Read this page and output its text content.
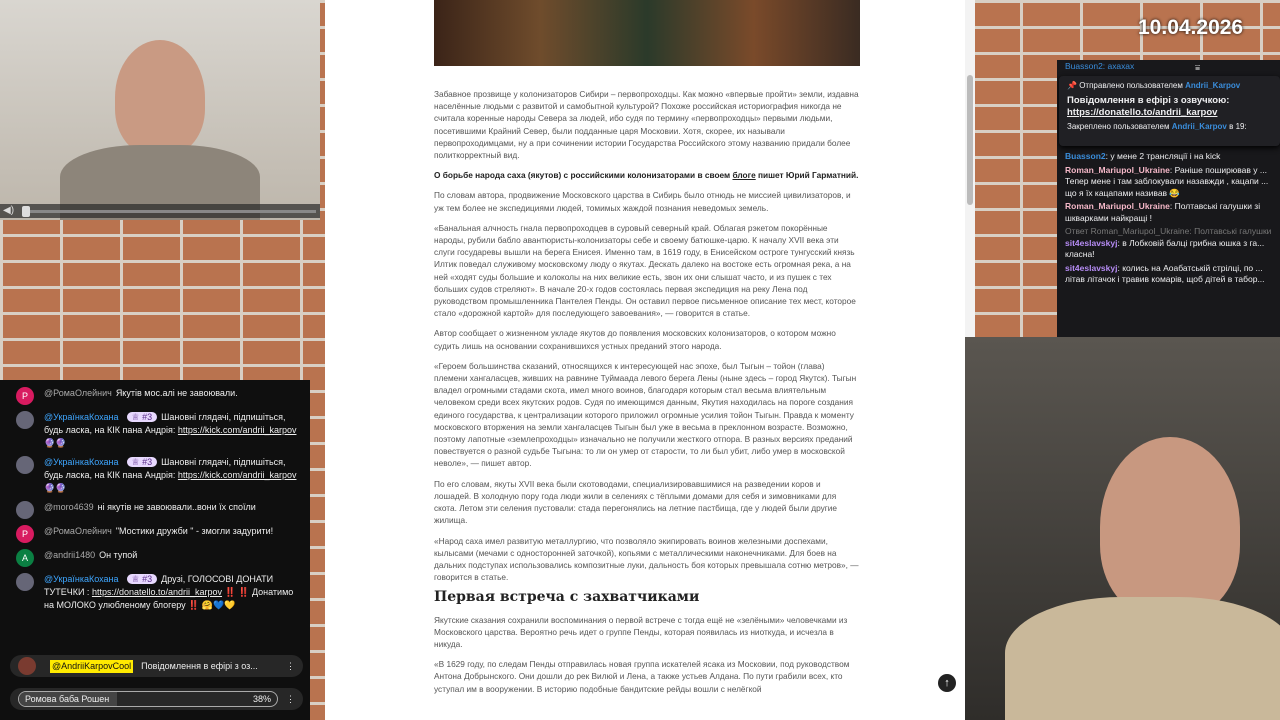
◀)
10.04.2026

Забавное прозвище у колонизаторов Сибири – первопроходцы. Как можно «впервые пройти» земли, издавна населённые людьми с развитой и самобытной культурой? Похоже российская историография никогда не считала коренные народы Севера за людей, ибо судя по термину «первопроходцы» первыми людьми, посетившими Крайний Север, были подданные царя Московии. Хотя, скорее, их называли первопроходимцами, ну а при сочинении истории Государства Российского этому названию придали более политкорректный вид.

О борьбе народа саха (якутов) с российскими колонизаторами в своем блоге пишет Юрий Гарматний.

По словам автора, продвижение Московского царства в Сибирь было отнюдь не миссией цивилизаторов, и уж тем более не экспедициями людей, томимых жаждой познания неведомых земель.

«Банальная алчность гнала первопроходцев в суровый северный край. Облагая рэкетом покорённые народы, рубили бабло авантюристы-колонизаторы себе и своему батюшке-царю. К началу XVII века эти слуги государевы вышли на берега Енисея. Именно там, в 1619 году, в Енисейском остроге тунгусский князь Илтик поведал служивому московскому люду о якутах. Дескать далеко на востоке есть огромная река, а на ней «ходят суды большие и колоколы на них великие есть, звон их они слышат часто, и из пушек с тех больших судов стреляют». В начале 20-х годов состоялась первая экспедиция на реку Лена под руководством промышленника Пантелея Пенды. Он оставил первое письменное описание тех мест, которое стало «дорожной картой» для последующего завоевания», — говорится в статье.

Автор сообщает о жизненном укладе якутов до появления московских колонизаторов, о котором можно судить лишь на основании сохранившихся устных преданий этого народа.

«Героем большинства сказаний, относящихся к интересующей нас эпохе, был Тыгын – тойон (глава) племени хангаласцев, живших на равнине Туймаада левого берега Лены (ныне здесь – город Якутск). Тыгын владел огромными стадами скота, имел много воинов, благодаря которым стал весьма влиятельным человеком среди всех якутских родов. Судя по имеющимся данным, Якутия находилась на пороге создания единого государства, к централизации которого приложил огромные усилия тойон Тыгын. Правда к моменту московского вторжения на земли хангаласцев Тыгын был уже в весьма в преклонном возрасте. Возможно, поэтому лапотные «землепроходцы» изначально не получили жесткого отпора. В разных версиях преданий повествуется о разной судьбе Тыгына: то ли он умер от старости, то ли был убит, либо умер в московской неволе», — пишет автор.

По его словам, якуты XVII века были скотоводами, специализировавшимися на разведении коров и лошадей. В холодную пору года люди жили в селениях с тёплыми домами для себя и зимовниками для скота. Летом эти селения пустовали: стада перегонялись на летние пастбища, где у людей были другие жилища.

«Народ саха имел развитую металлургию, что позволяло экипировать воинов железными доспехами, кылысами (мечами с односторонней заточкой), копьями с металлическими наконечниками. Для боев на дальних подступах использовались композитные луки, дальность боя которых превышала сотню метров», — говорится в статье.

Первая встреча с захватчиками

Якутские сказания сохранили воспоминания о первой встрече с тогда ещё не «зелёными» человечками из Московского царства. Вероятно речь идет о группе Пенды, которая появилась из ниоткуда, и исчезла в никуда.

«В 1629 году, по следам Пенды отправилась новая группа искателей ясака из Московии, под руководством Антона Добрынского. Они дошли до рек Вилюй и Лена, а также устьев Алдана. По пути грабили всех, кто уступал им в вооружении. В историю подобные бандитские рейды вошли с нелёгкой	↑
P	@РомаОлейнич Якутів мос.алі не завоювали.
@УкраїнкаКохана ♕ #3 Шановні глядачі, підпишіться, будь ласка, на КІК пана Андрія: https://kick.com/andrii_karpov 🔮🔮
@УкраїнкаКохана ♕ #3 Шановні глядачі, підпишіться, будь ласка, на КІК пана Андрія: https://kick.com/andrii_karpov 🔮🔮
@moro4639 ні якутів не завоювали..вони їх споїли
P	@РомаОлейнич "Мостики дружби " - змогли задурити!
A	@andrii1480 Он тупой
@УкраїнкаКохана ♕ #3 Друзі, ГОЛОСОВІ ДОНАТИ ТУТЕЧКИ : https://donatello.to/andrii_karpov ‼️ ‼️ Донатимо на МОЛОКО улюбленому блогеру ‼️ 🤗💙💛
@AndriiKarpovCool Повідомлення в ефірі з оз...	⋮
Ромова баба Рошен	38% ⋮
Buasson2: ахахах	⩸
📌 Отправлено пользователем Andrii_Karpov
Повідомлення в ефірі з озвучкою:
https://donatello.to/andrii_karpov
Закреплено пользователем Andrii_Karpov в 19:
Buasson2: у мене 2 трансляції і на kick
Roman_Mariupol_Ukraine: Раніше поширював у ... Тепер мене і там заблокували назавжди , кацапи ... що я їх кацапами називав 😂
Roman_Mariupol_Ukraine: Полтавські галушки зі шкварками найкращі !
Ответ Roman_Mariupol_Ukraine: Полтавські галушки
sit4eslavskyj: в Лобковій балці грибна юшка з га... класна!
sit4eslavskyj: колись на Аоабатській стрілці, по ... літав літачок і травив комарів, щоб дітей в табор...
